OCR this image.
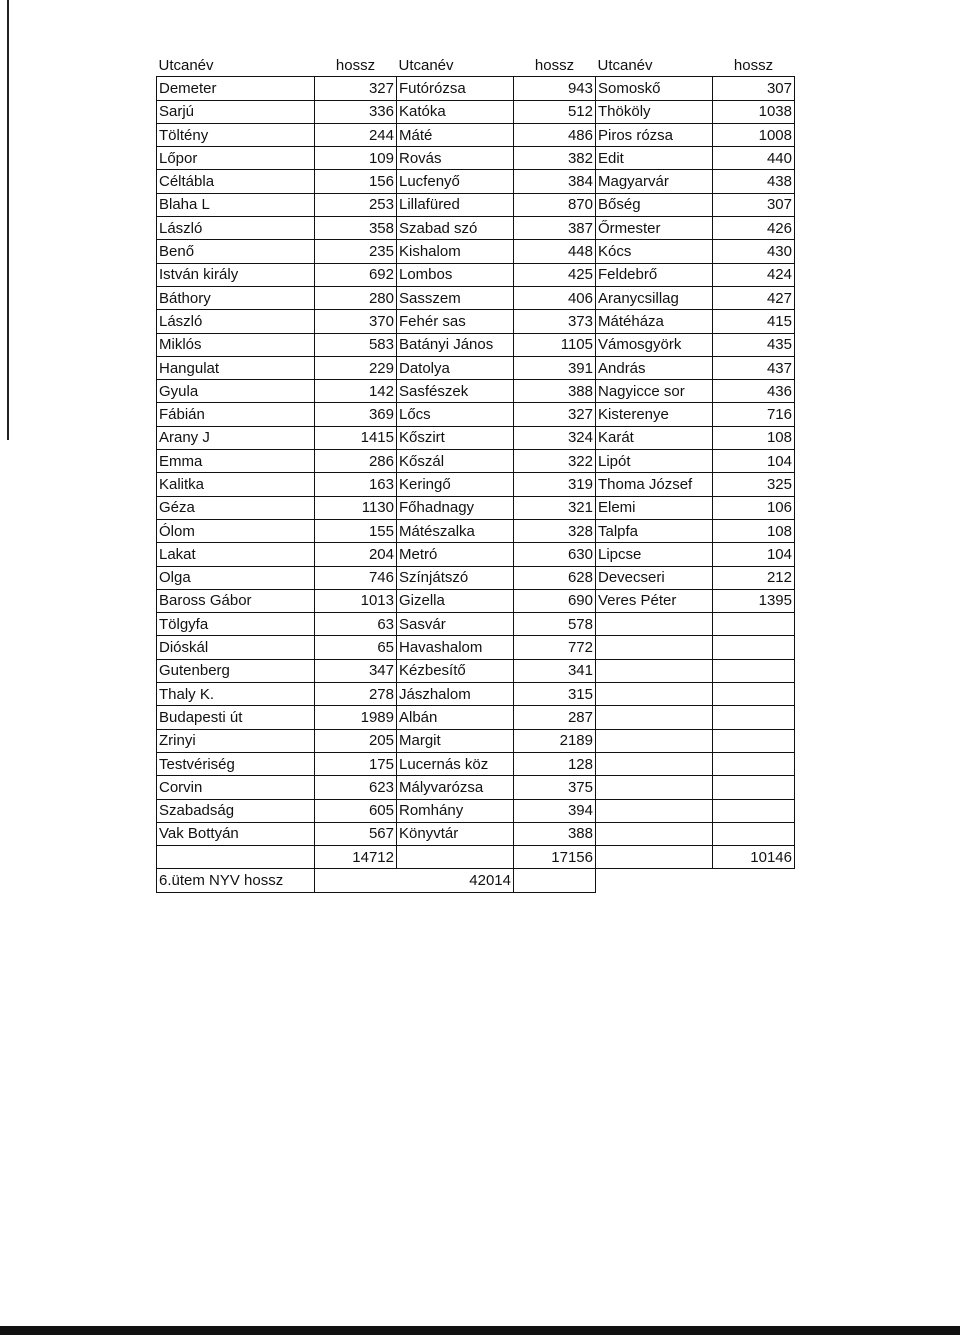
Utcanév	hossz	Utcanév	hossz	Utcanév	hossz
Demeter	327	Futórózsa	943	Somoskő	307
Sarjú	336	Katóka	512	Thököly	1038
Töltény	244	Máté	486	Piros rózsa	1008
Lőpor	109	Rovás	382	Edit	440
Céltábla	156	Lucfenyő	384	Magyarvár	438
Blaha L	253	Lillafüred	870	Bőség	307
László	358	Szabad szó	387	Őrmester	426
Benő	235	Kishalom	448	Kócs	430
István király	692	Lombos	425	Feldebrő	424
Báthory	280	Sasszem	406	Aranycsillag	427
László	370	Fehér sas	373	Mátéháza	415
Miklós	583	Batányi János	1105	Vámosgyörk	435
Hangulat	229	Datolya	391	András	437
Gyula	142	Sasfészek	388	Nagyicce sor	436
Fábián	369	Lőcs	327	Kisterenye	716
Arany J	1415	Kőszirt	324	Karát	108
Emma	286	Kőszál	322	Lipót	104
Kalitka	163	Keringő	319	Thoma József	325
Géza	1130	Főhadnagy	321	Elemi	106
Ólom	155	Mátészalka	328	Talpfa	108
Lakat	204	Metró	630	Lipcse	104
Olga	746	Színjátszó	628	Devecseri	212
Baross Gábor	1013	Gizella	690	Veres Péter	1395
Tölgyfa	63	Sasvár	578		
Dióskál	65	Havashalom	772		
Gutenberg	347	Kézbesítő	341		
Thaly K.	278	Jászhalom	315		
Budapesti út	1989	Albán	287		
Zrinyi	205	Margit	2189		
Testvériség	175	Lucernás köz	128		
Corvin	623	Mályvarózsa	375		
Szabadság	605	Romhány	394		
Vak Bottyán	567	Könyvtár	388		
	14712		17156		10146
6.ütem NYV hossz	42014				
